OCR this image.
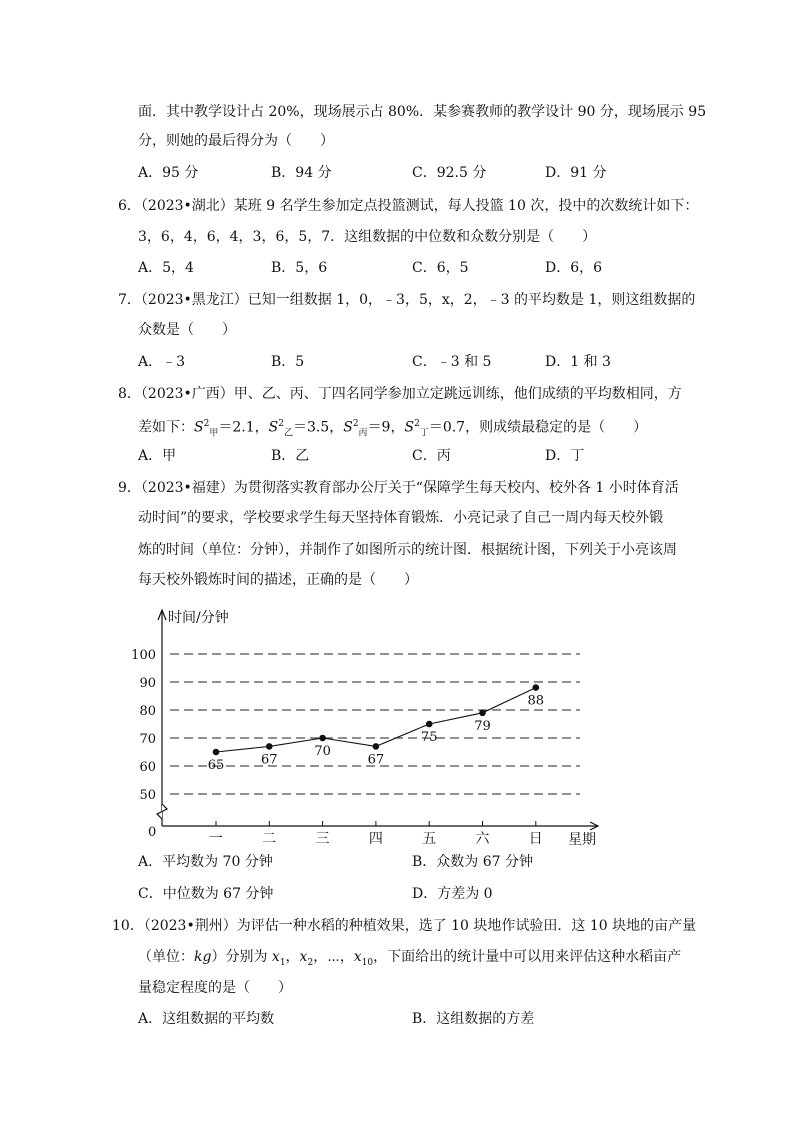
面．其中教学设计占 20%，现场展示占 80%．某参赛教师的教学设计 90 分，现场展示 95
分，则她的最后得分为（　　）
A．95 分	B．94 分	C．92.5 分	D．91 分
6．（2023•湖北）某班 9 名学生参加定点投篮测试，每人投篮 10 次，投中的次数统计如下：
3，6，4，6，4，3，6，5，7．这组数据的中位数和众数分别是（　　）
A．5，4	B．5，6	C．6，5	D．6，6
7．（2023•黑龙江）已知一组数据 1，0，﹣3，5，x，2，﹣3 的平均数是 1，则这组数据的
众数是（　　）
A．﹣3	B．5	C．﹣3 和 5	D．1 和 3
8．（2023•广西）甲、乙、丙、丁四名同学参加立定跳远训练，他们成绩的平均数相同，方
差如下：$S^2_甲=2.1$，$S^2_乙=3.5$，$S^2_丙=9$，$S^2_丁=0.7$，则成绩最稳定的是（　　）
A．甲	B．乙	C．丙	D．丁
9．（2023•福建）为贯彻落实教育部办公厅关于“保障学生每天校内、校外各 1 小时体育活
动时间”的要求，学校要求学生每天坚持体育锻炼．小亮记录了自己一周内每天校外锻
炼的时间（单位：分钟），并制作了如图所示的统计图．根据统计图，下列关于小亮该周
每天校外锻炼时间的描述，正确的是（　　）
时间/分钟
0	星期
50
60
70
80
90
100
一	二	三	四	五	六	日
65	67
70
67
75
79
88
A．平均数为 70 分钟	B．众数为 67 分钟
C．中位数为 67 分钟	D．方差为 0
10．（2023•荆州）为评估一种水稻的种植效果，选了 10 块地作试验田．这 10 块地的亩产量
（单位：kg）分别为 $x_1$，$x_2$，⋯，$x_{10}$，下面给出的统计量中可以用来评估这种水稻亩产
量稳定程度的是（　　）
A．这组数据的平均数	B．这组数据的方差
